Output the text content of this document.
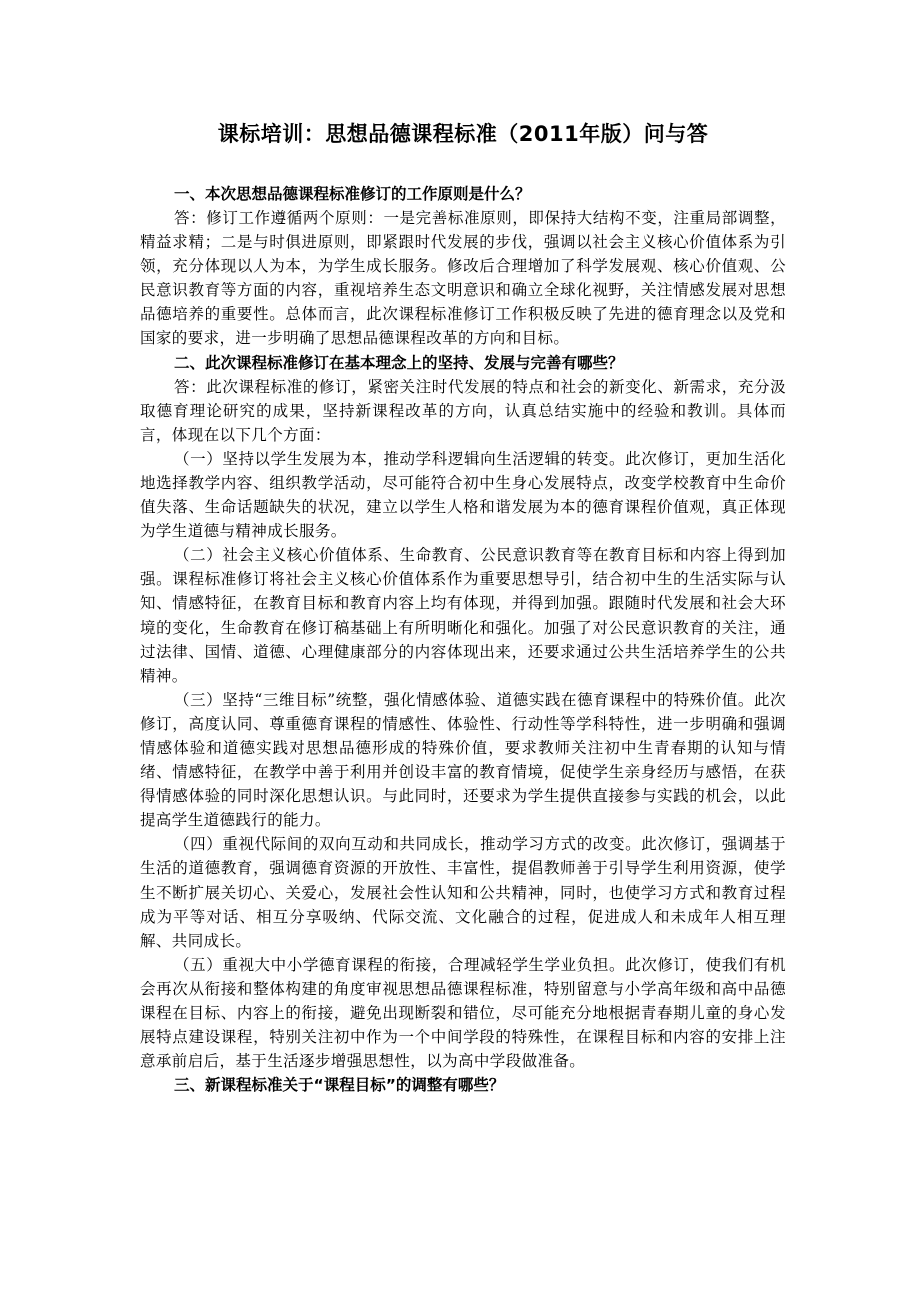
课标培训：思想品德课程标准（2011年版）问与答

一、本次思想品德课程标准修订的工作原则是什么？

答：修订工作遵循两个原则：一是完善标准原则，即保持大结构不变，注重局部调整，精益求精；二是与时俱进原则，即紧跟时代发展的步伐，强调以社会主义核心价值体系为引领，充分体现以人为本，为学生成长服务。修改后合理增加了科学发展观、核心价值观、公民意识教育等方面的内容，重视培养生态文明意识和确立全球化视野，关注情感发展对思想品德培养的重要性。总体而言，此次课程标准修订工作积极反映了先进的德育理念以及党和国家的要求，进一步明确了思想品德课程改革的方向和目标。

二、此次课程标准修订在基本理念上的坚持、发展与完善有哪些？

答：此次课程标准的修订，紧密关注时代发展的特点和社会的新变化、新需求，充分汲取德育理论研究的成果，坚持新课程改革的方向，认真总结实施中的经验和教训。具体而言，体现在以下几个方面：

（一）坚持以学生发展为本，推动学科逻辑向生活逻辑的转变。此次修订，更加生活化地选择教学内容、组织教学活动，尽可能符合初中生身心发展特点，改变学校教育中生命价值失落、生命话题缺失的状况，建立以学生人格和谐发展为本的德育课程价值观，真正体现为学生道德与精神成长服务。

（二）社会主义核心价值体系、生命教育、公民意识教育等在教育目标和内容上得到加强。课程标准修订将社会主义核心价值体系作为重要思想导引，结合初中生的生活实际与认知、情感特征，在教育目标和教育内容上均有体现，并得到加强。跟随时代发展和社会大环境的变化，生命教育在修订稿基础上有所明晰化和强化。加强了对公民意识教育的关注，通过法律、国情、道德、心理健康部分的内容体现出来，还要求通过公共生活培养学生的公共精神。

（三）坚持“三维目标”统整，强化情感体验、道德实践在德育课程中的特殊价值。此次修订，高度认同、尊重德育课程的情感性、体验性、行动性等学科特性，进一步明确和强调情感体验和道德实践对思想品德形成的特殊价值，要求教师关注初中生青春期的认知与情绪、情感特征，在教学中善于利用并创设丰富的教育情境，促使学生亲身经历与感悟，在获得情感体验的同时深化思想认识。与此同时，还要求为学生提供直接参与实践的机会，以此提高学生道德践行的能力。

（四）重视代际间的双向互动和共同成长，推动学习方式的改变。此次修订，强调基于生活的道德教育，强调德育资源的开放性、丰富性，提倡教师善于引导学生利用资源，使学生不断扩展关切心、关爱心，发展社会性认知和公共精神，同时，也使学习方式和教育过程成为平等对话、相互分享吸纳、代际交流、文化融合的过程，促进成人和未成年人相互理解、共同成长。

（五）重视大中小学德育课程的衔接，合理减轻学生学业负担。此次修订，使我们有机会再次从衔接和整体构建的角度审视思想品德课程标准，特别留意与小学高年级和高中品德课程在目标、内容上的衔接，避免出现断裂和错位，尽可能充分地根据青春期儿童的身心发展特点建设课程，特别关注初中作为一个中间学段的特殊性，在课程目标和内容的安排上注意承前启后，基于生活逐步增强思想性，以为高中学段做准备。

三、新课程标准关于“课程目标”的调整有哪些？
